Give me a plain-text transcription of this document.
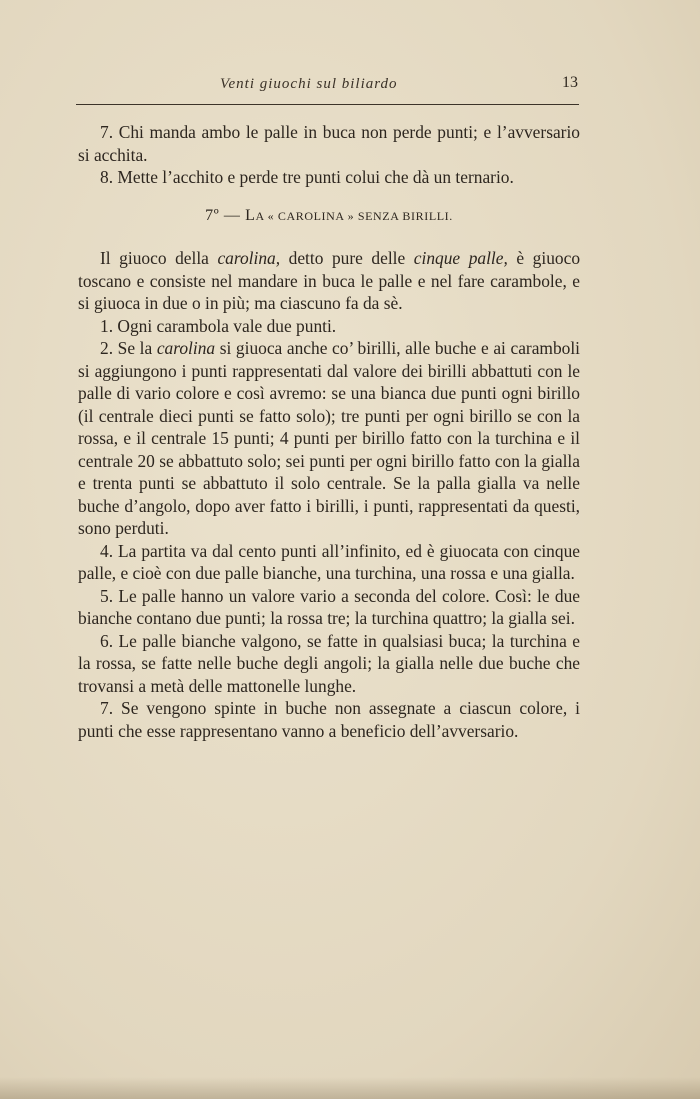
Venti giuochi sul biliardo	13

7. Chi manda ambo le palle in buca non perde punti; e l’avversario si acchita.

8. Mette l’acchito e perde tre punti colui che dà un ternario.

7º — LA « CAROLINA » SENZA BIRILLI.

Il giuoco della carolina, detto pure delle cinque palle, è giuoco toscano e consiste nel mandare in buca le palle e nel fare carambole, e si giuoca in due o in più; ma ciascuno fa da sè.

1. Ogni carambola vale due punti.

2. Se la carolina si giuoca anche co’ birilli, alle buche e ai caramboli si aggiungono i punti rappresentati dal valore dei birilli abbattuti con le palle di vario colore e così avremo: se una bianca due punti ogni birillo (il centrale dieci punti se fatto solo); tre punti per ogni birillo se con la rossa, e il centrale 15 punti; 4 punti per birillo fatto con la turchina e il centrale 20 se abbattuto solo; sei punti per ogni birillo fatto con la gialla e trenta punti se abbattuto il solo centrale. Se la palla gialla va nelle buche d’angolo, dopo aver fatto i birilli, i punti, rappresentati da questi, sono perduti.

4. La partita va dal cento punti all’infinito, ed è giuocata con cinque palle, e cioè con due palle bianche, una turchina, una rossa e una gialla.

5. Le palle hanno un valore vario a seconda del colore. Così: le due bianche contano due punti; la rossa tre; la turchina quattro; la gialla sei.

6. Le palle bianche valgono, se fatte in qualsiasi buca; la turchina e la rossa, se fatte nelle buche degli angoli; la gialla nelle due buche che trovansi a metà delle mattonelle lunghe.

7. Se vengono spinte in buche non assegnate a ciascun colore, i punti che esse rappresentano vanno a beneficio dell’avversario.
